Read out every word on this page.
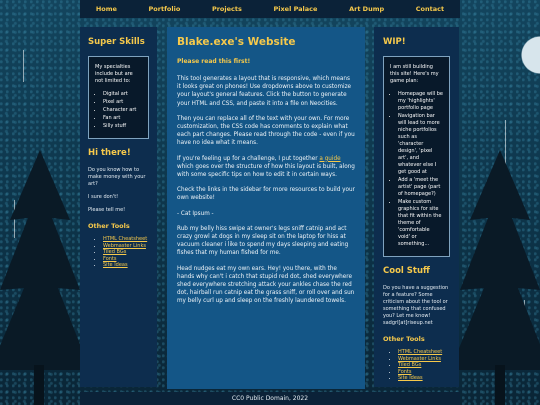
Home	Portfolio	Projects	Pixel Palace	Art Dump	Contact
Super Skills
My specialties include but are not limited to:
• Digital art
• Pixel art
• Character art
• Fan art
• Silly stuff
Hi there!

Do you know how to make money with your art?

I sure don't!

Please tell me!

Other Tools
• HTML Cheatsheet
• Webmaster Links
• Tiled BGs
• Fonts
• Site Ideas
Blake.exe's Website
Please read this first!

This tool generates a layout that is responsive, which means it looks great on phones! Use dropdowns above to customize your layout's general features. Click the button to generate your HTML and CSS, and paste it into a file on Neocities.

Then you can replace all of the text with your own. For more customization, the CSS code has comments to explain what each part changes. Please read through the code - even if you have no idea what it means.

If you're feeling up for a challenge, I put together a guide which goes over the structure of how this layout is built, along with some specific tips on how to edit it in certain ways.

Check the links in the sidebar for more resources to build your own website!

- Cat Ipsum -

Rub my belly hiss swipe at owner's legs sniff catnip and act crazy growl at dogs in my sleep sit on the laptop for hiss at vacuum cleaner i like to spend my days sleeping and eating fishes that my human fished for me.

Head nudges eat my own ears. Hey! you there, with the hands why can't i catch that stupid red dot, shed everywhere shed everywhere stretching attack your ankles chase the red dot, hairball run catnip eat the grass sniff, or roll over and sun my belly curl up and sleep on the freshly laundered towels.

WIP!
I am still building this site! Here's my game plan:
• Homepage will be my 'highlights' portfolio page
• Navigation bar will lead to more niche portfolios such as 'character design', 'pixel art', and whatever else I get good at
• Add a 'meet the artist' page (part of homepage?)
• Make custom graphics for site that fit within the theme of 'comfortable void' or something...
Cool Stuff

Do you have a suggestion for a feature? Some criticism about the tool or something that confused you? Let me know! sadgrl[at]riseup.net

Other Tools
• HTML Cheatsheet
• Webmaster Links
• Tiled BGs
• Fonts
• Site Ideas
CC0 Public Domain, 2022
